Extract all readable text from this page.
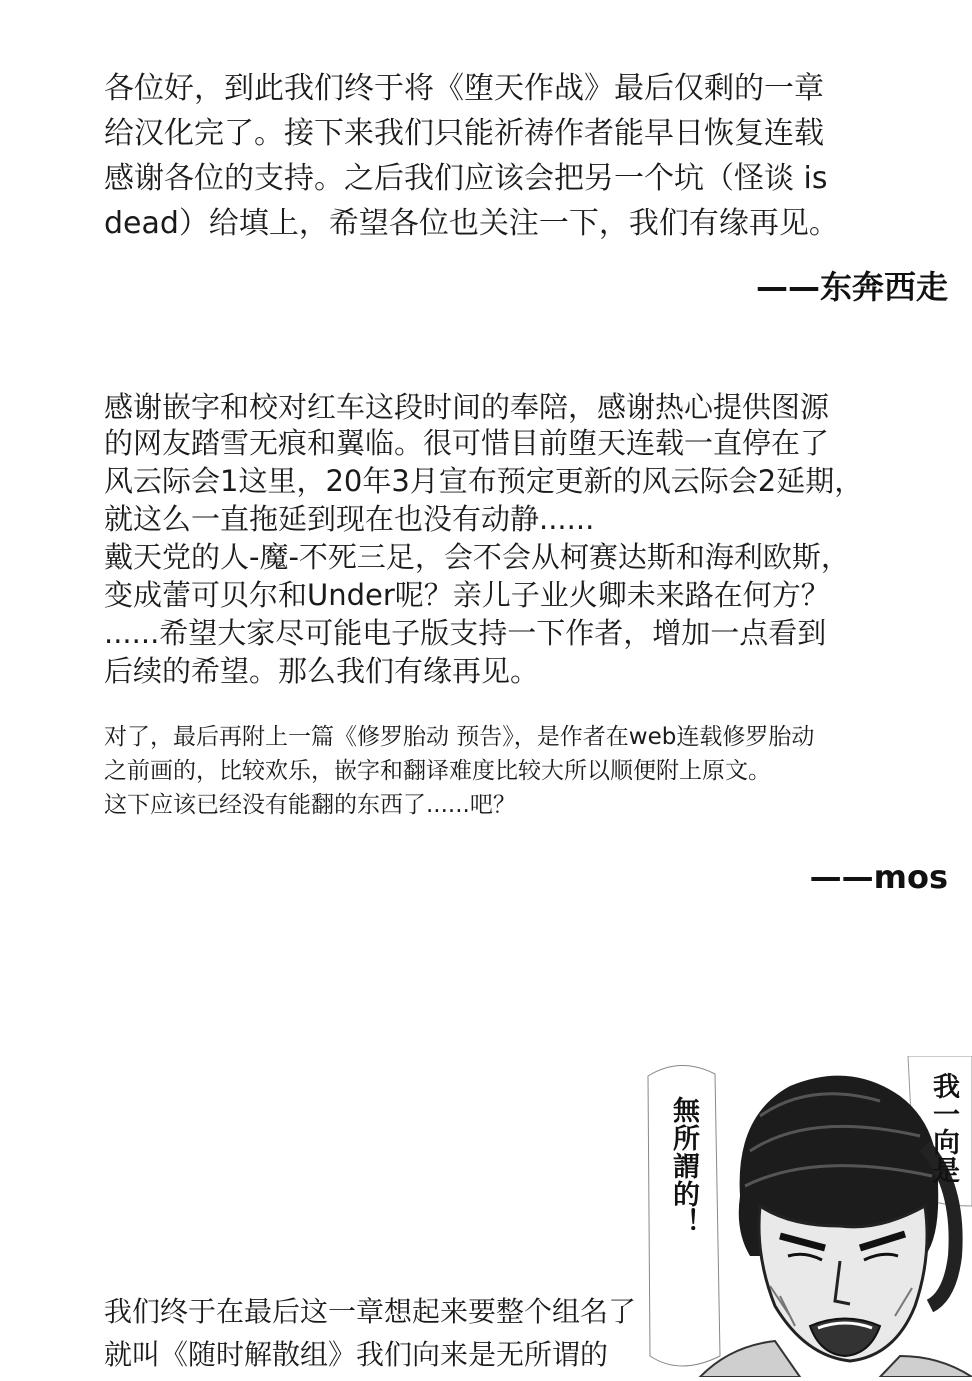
各位好，到此我们终于将《堕天作战》最后仅剩的一章

给汉化完了。接下来我们只能祈祷作者能早日恢复连载

感谢各位的支持。之后我们应该会把另一个坑（怪谈 is

dead）给填上，希望各位也关注一下，我们有缘再见。

——东奔西走

感谢嵌字和校对红车这段时间的奉陪，感谢热心提供图源

的网友踏雪无痕和翼临。很可惜目前堕天连载一直停在了

风云际会1这里，20年3月宣布预定更新的风云际会2延期，

就这么一直拖延到现在也没有动静......

戴天党的人-魔-不死三足，会不会从柯赛达斯和海利欧斯，

变成蕾可贝尔和Under呢？亲儿子业火卿未来路在何方？

......希望大家尽可能电子版支持一下作者，增加一点看到

后续的希望。那么我们有缘再见。

对了，最后再附上一篇《修罗胎动 预告》，是作者在web连载修罗胎动

之前画的，比较欢乐，嵌字和翻译难度比较大所以顺便附上原文。

这下应该已经没有能翻的东西了......吧？

——mos
無所謂的！	我一向是

我们终于在最后这一章想起来要整个组名了

就叫《随时解散组》我们向来是无所谓的
